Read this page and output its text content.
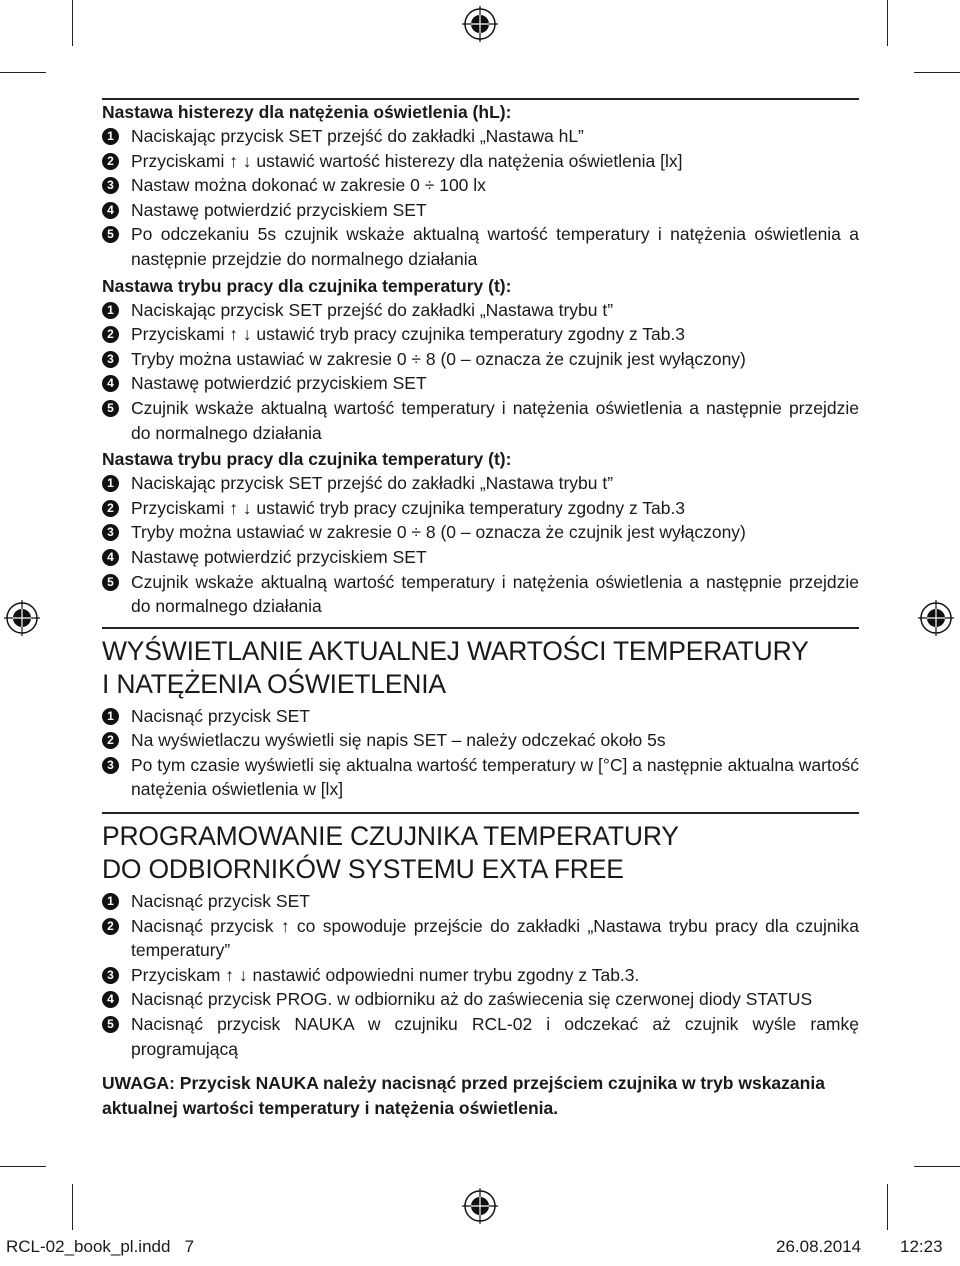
Nastawa histerezy dla natężenia oświetlenia (hL):
1 Naciskając przycisk SET przejść do zakładki „Nastawa hL”
2 Przyciskami ↑ ↓ ustawić wartość histerezy dla natężenia oświetlenia [lx]
3 Nastaw można dokonać w zakresie 0 ÷ 100 lx
4 Nastawę potwierdzić przyciskiem SET
5 Po odczekaniu 5s czujnik wskaże aktualną wartość temperatury i natężenia oświetlenia a następnie przejdzie do normalnego działania
Nastawa trybu pracy dla czujnika temperatury (t):
1 Naciskając przycisk SET przejść do zakładki „Nastawa trybu t”
2 Przyciskami ↑ ↓ ustawić tryb pracy czujnika temperatury zgodny z Tab.3
3 Tryby można ustawiać w zakresie 0 ÷ 8 (0 – oznacza że czujnik jest wyłączony)
4 Nastawę potwierdzić przyciskiem SET
5 Czujnik wskaże aktualną wartość temperatury i natężenia oświetlenia a następnie przejdzie do normalnego działania
Nastawa trybu pracy dla czujnika temperatury (t):
1 Naciskając przycisk SET przejść do zakładki „Nastawa trybu t”
2 Przyciskami ↑ ↓ ustawić tryb pracy czujnika temperatury zgodny z Tab.3
3 Tryby można ustawiać w zakresie 0 ÷ 8 (0 – oznacza że czujnik jest wyłączony)
4 Nastawę potwierdzić przyciskiem SET
5 Czujnik wskaże aktualną wartość temperatury i natężenia oświetlenia a następnie przejdzie do normalnego działania
WYŚWIETLANIE AKTUALNEJ WARTOŚCI TEMPERATURY
I NATĘŻENIA OŚWIETLENIA
1 Nacisnąć przycisk SET
2 Na wyświetlaczu wyświetli się napis SET – należy odczekać około 5s
3 Po tym czasie wyświetli się aktualna wartość temperatury w [°C] a następnie aktualna wartość natężenia oświetlenia w [lx]
PROGRAMOWANIE CZUJNIKA TEMPERATURY
DO ODBIORNIKÓW SYSTEMU EXTA FREE
1 Nacisnąć przycisk SET
2 Nacisnąć przycisk ↑ co spowoduje przejście do zakładki „Nastawa trybu pracy dla czujnika temperatury”
3 Przyciskam ↑ ↓ nastawić odpowiedni numer trybu zgodny z Tab.3.
4 Nacisnąć przycisk PROG. w odbiorniku aż do zaświecenia się czerwonej diody STATUS
5 Nacisnąć przycisk NAUKA w czujniku RCL-02 i odczekać aż czujnik wyśle ramkę programującą
UWAGA: Przycisk NAUKA należy nacisnąć przed przejściem czujnika w tryb wskazania aktualnej wartości temperatury i natężenia oświetlenia.
RCL-02_book_pl.indd   7	26.08.2014 12:23
